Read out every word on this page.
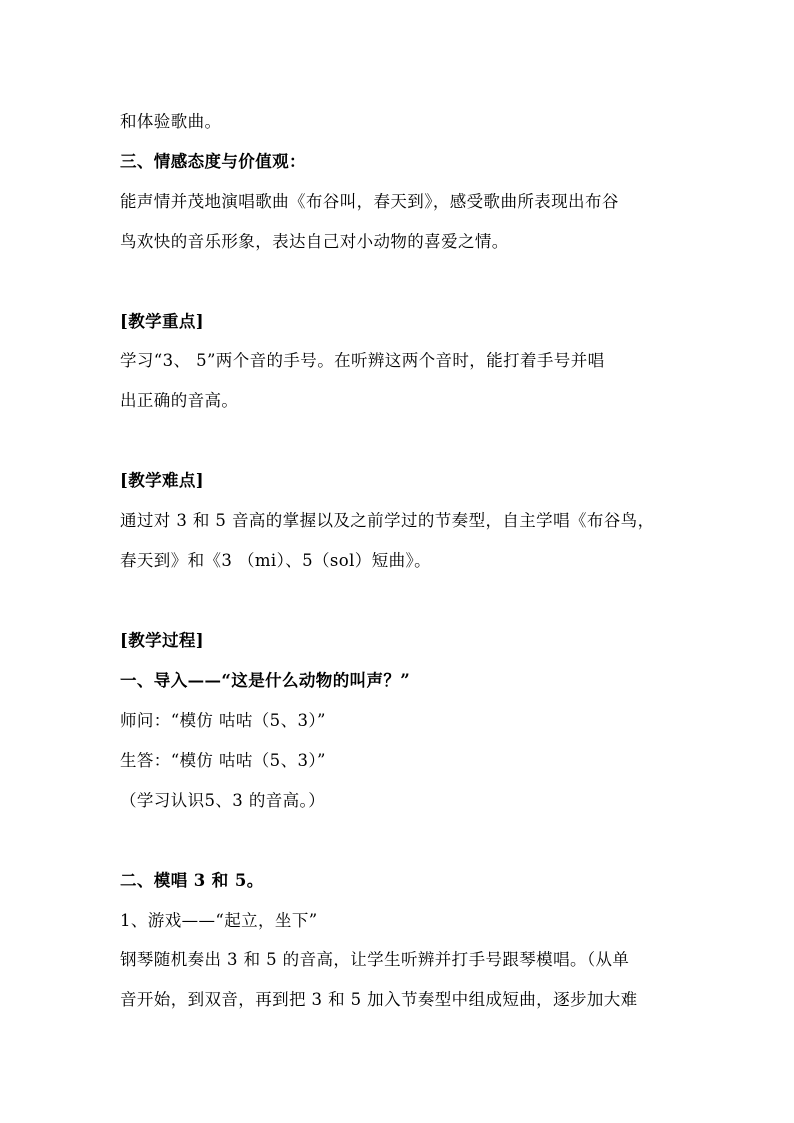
和体验歌曲。
三、情感态度与价值观：
能声情并茂地演唱歌曲《布谷叫，春天到》，感受歌曲所表现出布谷
鸟欢快的音乐形象，表达自己对小动物的喜爱之情。
[教学重点]
学习“3、 5”两个音的手号。在听辨这两个音时，能打着手号并唱
出正确的音高。
[教学难点]
通过对 3 和 5 音高的掌握以及之前学过的节奏型，自主学唱《布谷鸟，
春天到》和《3 （mi）、5（sol）短曲》。
[教学过程]
一、导入——“这是什么动物的叫声？”
师问：“模仿 咕咕（5、3）”
生答：“模仿 咕咕（5、3）”
（学习认识5、3 的音高。）
二、模唱 3 和 5。
1、游戏——“起立，坐下”
钢琴随机奏出 3 和 5 的音高，让学生听辨并打手号跟琴模唱。（从单
音开始，到双音，再到把 3 和 5 加入节奏型中组成短曲，逐步加大难
